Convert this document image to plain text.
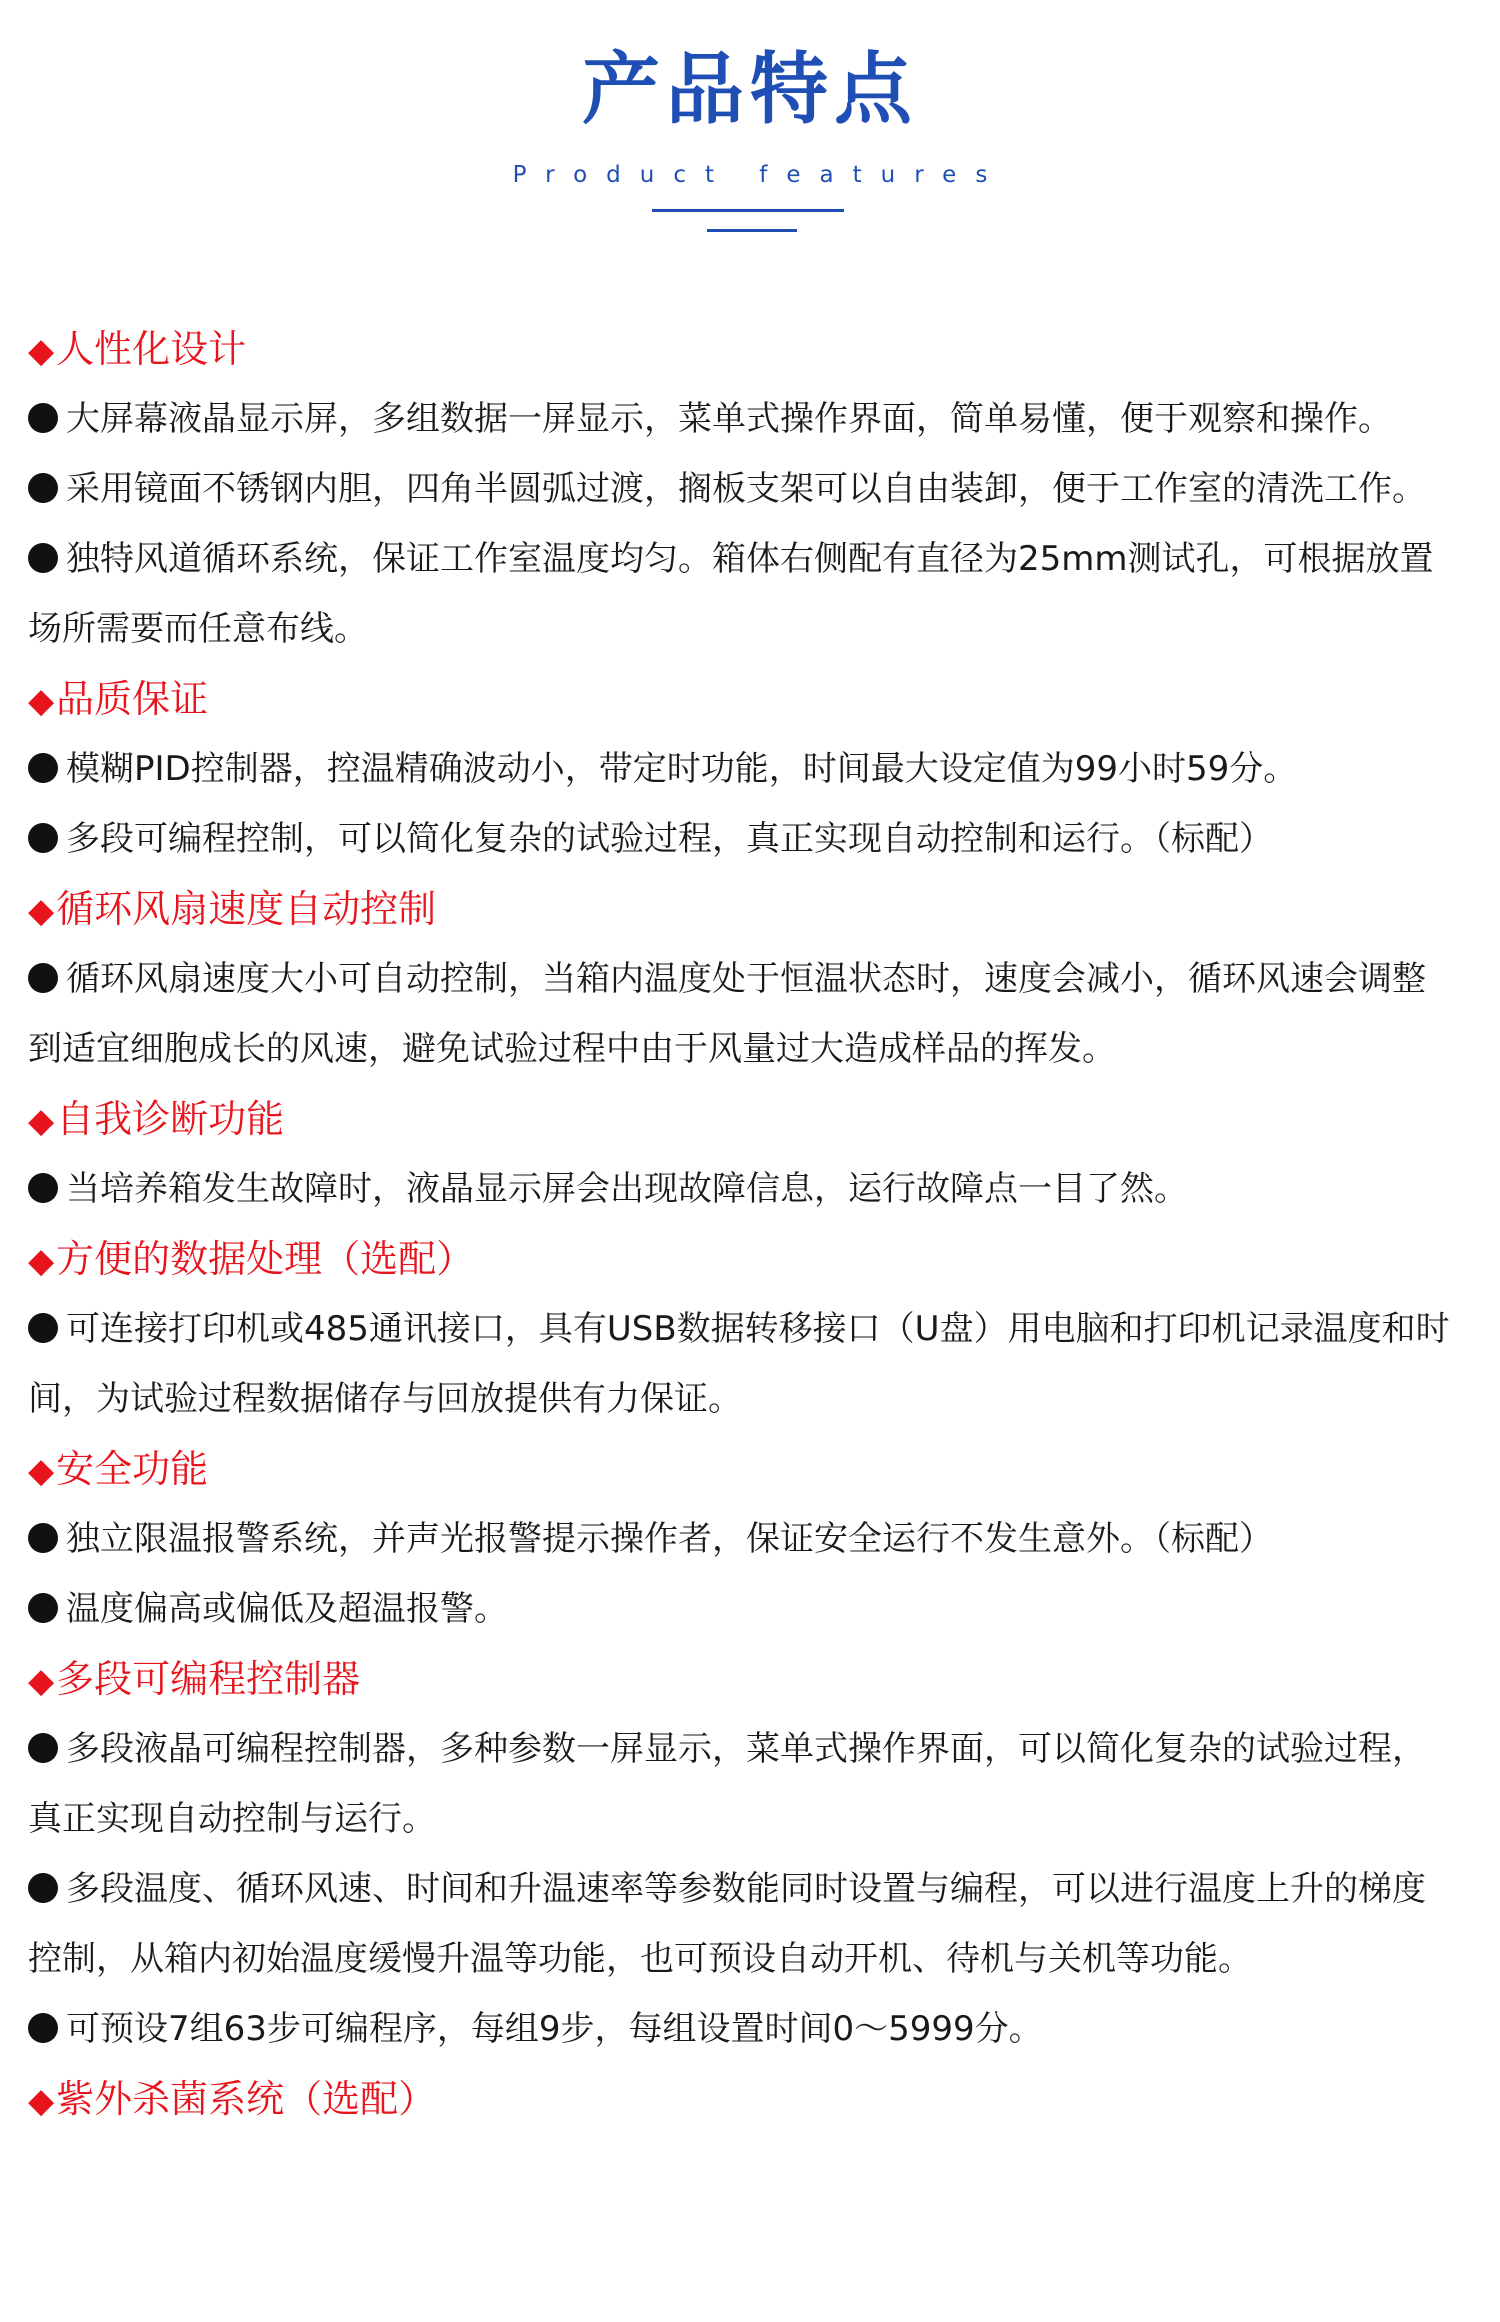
产品特点
Product features
◆人性化设计
大屏幕液晶显示屏，多组数据一屏显示，菜单式操作界面，简单易懂，便于观察和操作。
采用镜面不锈钢内胆，四角半圆弧过渡，搁板支架可以自由装卸，便于工作室的清洗工作。
独特风道循环系统，保证工作室温度均匀。箱体右侧配有直径为25mm测试孔，可根据放置场所需要而任意布线。
◆品质保证
模糊PID控制器，控温精确波动小，带定时功能，时间最大设定值为99小时59分。
多段可编程控制，可以简化复杂的试验过程，真正实现自动控制和运行。（标配）
◆循环风扇速度自动控制
循环风扇速度大小可自动控制，当箱内温度处于恒温状态时，速度会减小，循环风速会调整到适宜细胞成长的风速，避免试验过程中由于风量过大造成样品的挥发。
◆自我诊断功能
当培养箱发生故障时，液晶显示屏会出现故障信息，运行故障点一目了然。
◆方便的数据处理（选配）
可连接打印机或485通讯接口，具有USB数据转移接口（U盘）用电脑和打印机记录温度和时间，为试验过程数据储存与回放提供有力保证。
◆安全功能
独立限温报警系统，并声光报警提示操作者，保证安全运行不发生意外。（标配）
温度偏高或偏低及超温报警。
◆多段可编程控制器
多段液晶可编程控制器，多种参数一屏显示，菜单式操作界面，可以简化复杂的试验过程，真正实现自动控制与运行。
多段温度、循环风速、时间和升温速率等参数能同时设置与编程，可以进行温度上升的梯度控制，从箱内初始温度缓慢升温等功能，也可预设自动开机、待机与关机等功能。
可预设7组63步可编程序，每组9步，每组设置时间0～5999分。
◆紫外杀菌系统（选配）
